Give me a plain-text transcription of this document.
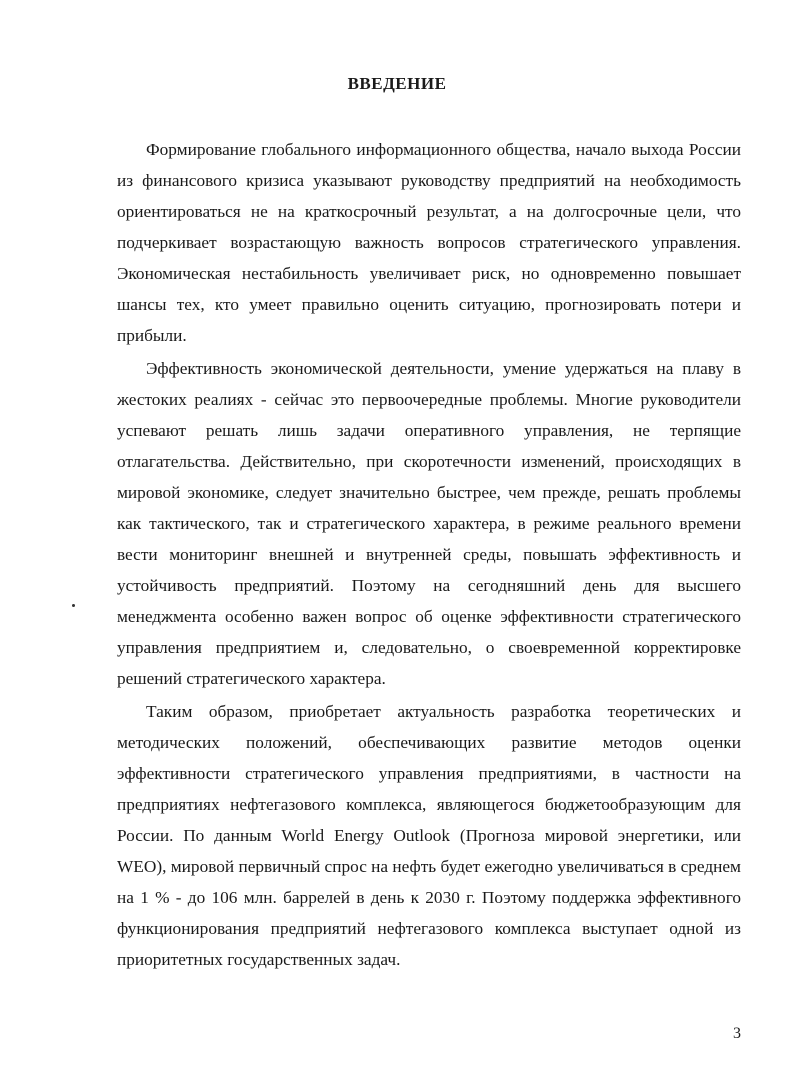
ВВЕДЕНИЕ

Формирование глобального информационного общества, начало выхода России из финансового кризиса указывают руководству предприятий на необходимость ориентироваться не на краткосрочный результат, а на долгосрочные цели, что подчеркивает возрастающую важность вопросов стратегического управления. Экономическая нестабильность увеличивает риск, но одновременно повышает шансы тех, кто умеет правильно оценить ситуацию, прогнозировать потери и прибыли.

Эффективность экономической деятельности, умение удержаться на плаву в жестоких реалиях - сейчас это первоочередные проблемы. Многие руководители успевают решать лишь задачи оперативного управления, не терпящие отлагательства. Действительно, при скоротечности изменений, происходящих в мировой экономике, следует значительно быстрее, чем прежде, решать проблемы как тактического, так и стратегического характера, в режиме реального времени вести мониторинг внешней и внутренней среды, повышать эффективность и устойчивость предприятий. Поэтому на сегодняшний день для высшего менеджмента особенно важен вопрос об оценке эффективности стратегического управления предприятием и, следовательно, о своевременной корректировке решений стратегического характера.

Таким образом, приобретает актуальность разработка теоретических и методических положений, обеспечивающих развитие методов оценки эффективности стратегического управления предприятиями, в частности на предприятиях нефтегазового комплекса, являющегося бюджетообразующим для России. По данным World Energy Outlook (Прогноза мировой энергетики, или WEO), мировой первичный спрос на нефть будет ежегодно увеличиваться в среднем на 1 % - до 106 млн. баррелей в день к 2030 г. Поэтому поддержка эффективного функционирования предприятий нефтегазового комплекса выступает одной из приоритетных государственных задач.

3
